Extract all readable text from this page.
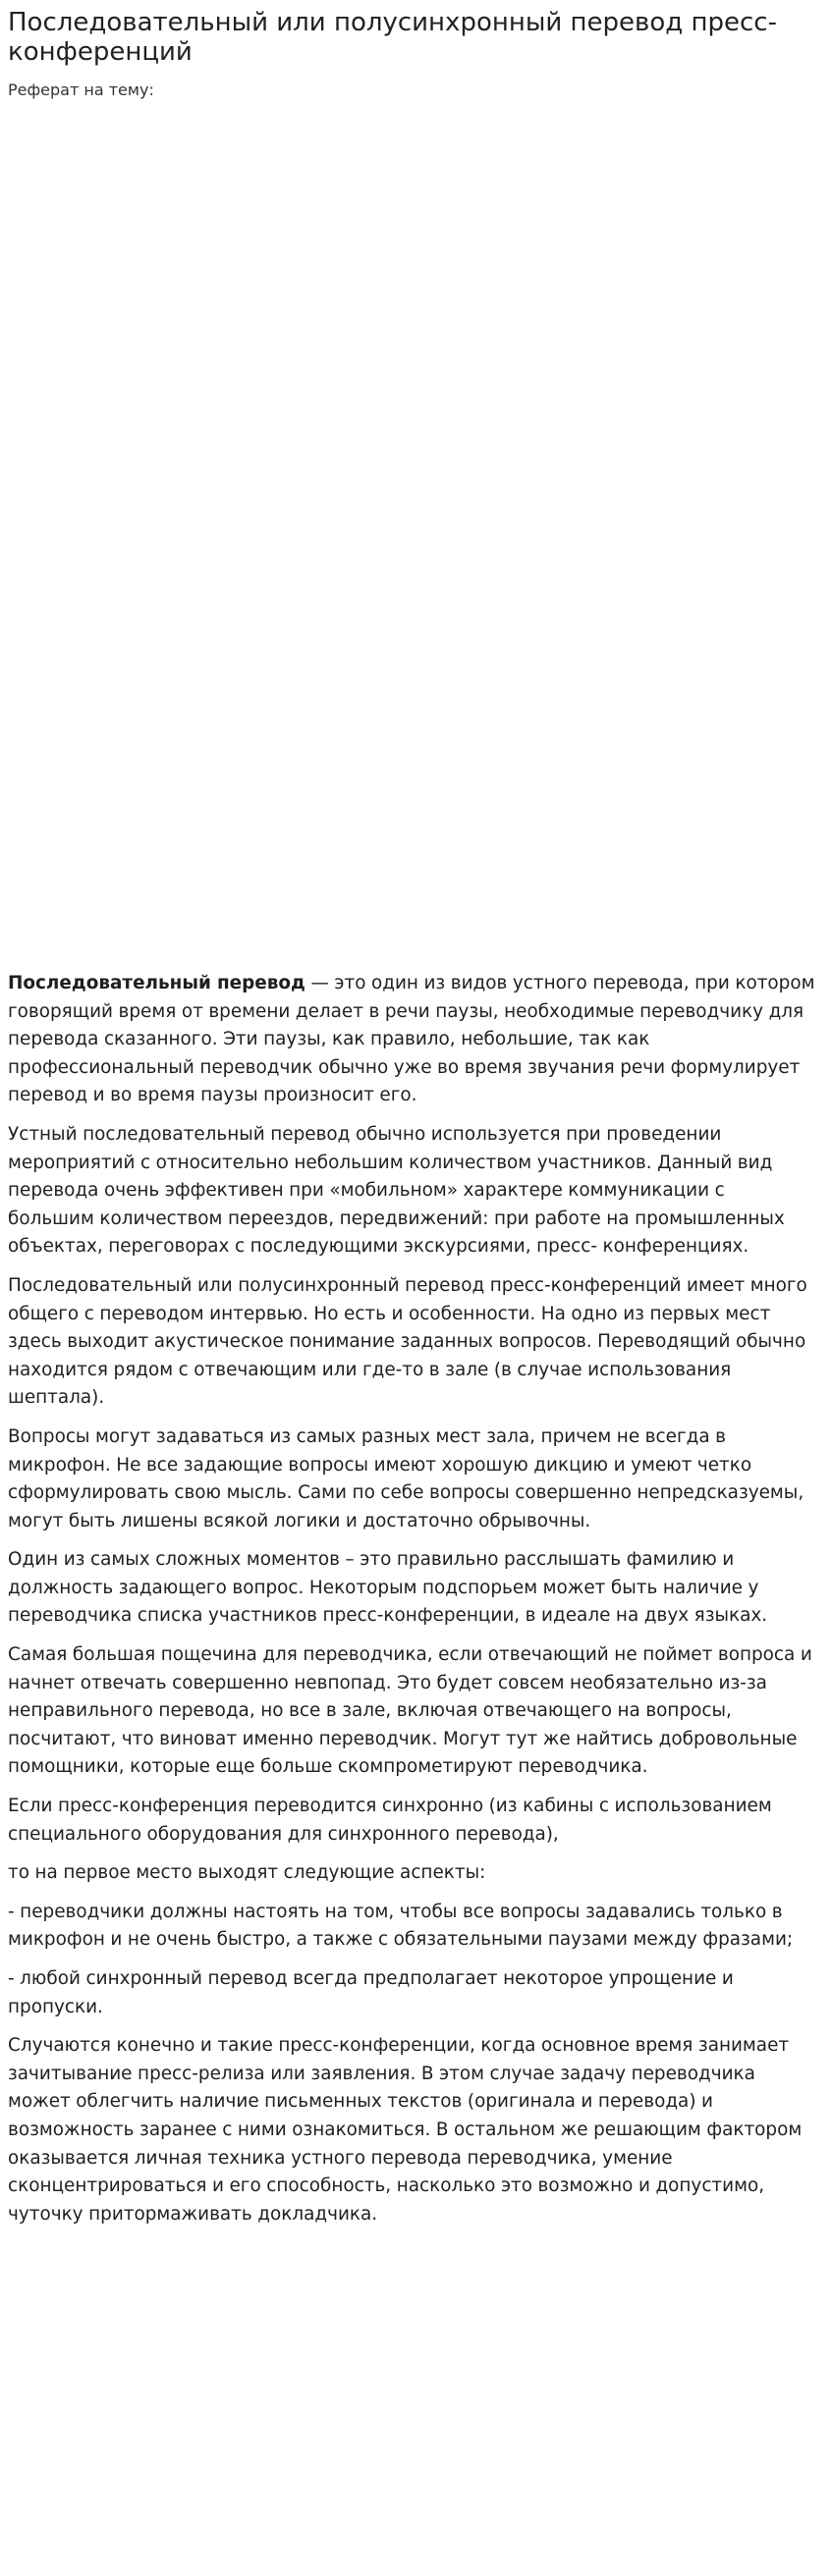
Последовательный или полусинхронный перевод пресс-конференций

Реферат на тему:

Последовательный перевод — это один из видов устного перевода, при котором говорящий время от времени делает в речи паузы, необходимые переводчику для перевода сказанного. Эти паузы, как правило, небольшие, так как профессиональный переводчик обычно уже во время звучания речи формулирует перевод и во время паузы произносит его.

Устный последовательный перевод обычно используется при проведении мероприятий с относительно небольшим количеством участников. Данный вид перевода очень эффективен при «мобильном» характере коммуникации с большим количеством переездов, передвижений: при работе на промышленных объектах, переговорах с последующими экскурсиями, пресс- конференциях.

Последовательный или полусинхронный перевод пресс-конференций имеет много общего с переводом интервью. Но есть и особенности. На одно из первых мест здесь выходит акустическое понимание заданных вопросов. Переводящий обычно находится рядом с отвечающим или где-то в зале (в случае использования шептала).

Вопросы могут задаваться из самых разных мест зала, причем не всегда в микрофон. Не все задающие вопросы имеют хорошую дикцию и умеют четко сформулировать свою мысль. Сами по себе вопросы совершенно непредсказуемы, могут быть лишены всякой логики и достаточно обрывочны.

Один из самых сложных моментов – это правильно расслышать фамилию и должность задающего вопрос. Некоторым подспорьем может быть наличие у переводчика списка участников пресс-конференции, в идеале на двух языках.

Самая большая пощечина для переводчика, если отвечающий не поймет вопроса и начнет отвечать совершенно невпопад. Это будет совсем необязательно из-за неправильного перевода, но все в зале, включая отвечающего на вопросы, посчитают, что виноват именно переводчик. Могут тут же найтись добровольные помощники, которые еще больше скомпрометируют переводчика.

Если пресс-конференция переводится синхронно (из кабины с использованием специального оборудования для синхронного перевода),

то на первое место выходят следующие аспекты:

- переводчики должны настоять на том, чтобы все вопросы задавались только в микрофон и не очень быстро, а также с обязательными паузами между фразами;

- любой синхронный перевод всегда предполагает некоторое упрощение и пропуски.

Случаются конечно и такие пресс-конференции, когда основное время занимает зачитывание пресс-релиза или заявления. В этом случае задачу переводчика может облегчить наличие письменных текстов (оригинала и перевода) и возможность заранее с ними ознакомиться. В остальном же решающим фактором оказывается личная техника устного перевода переводчика, умение сконцентрироваться и его способность, насколько это возможно и допустимо, чуточку притормаживать докладчика.
